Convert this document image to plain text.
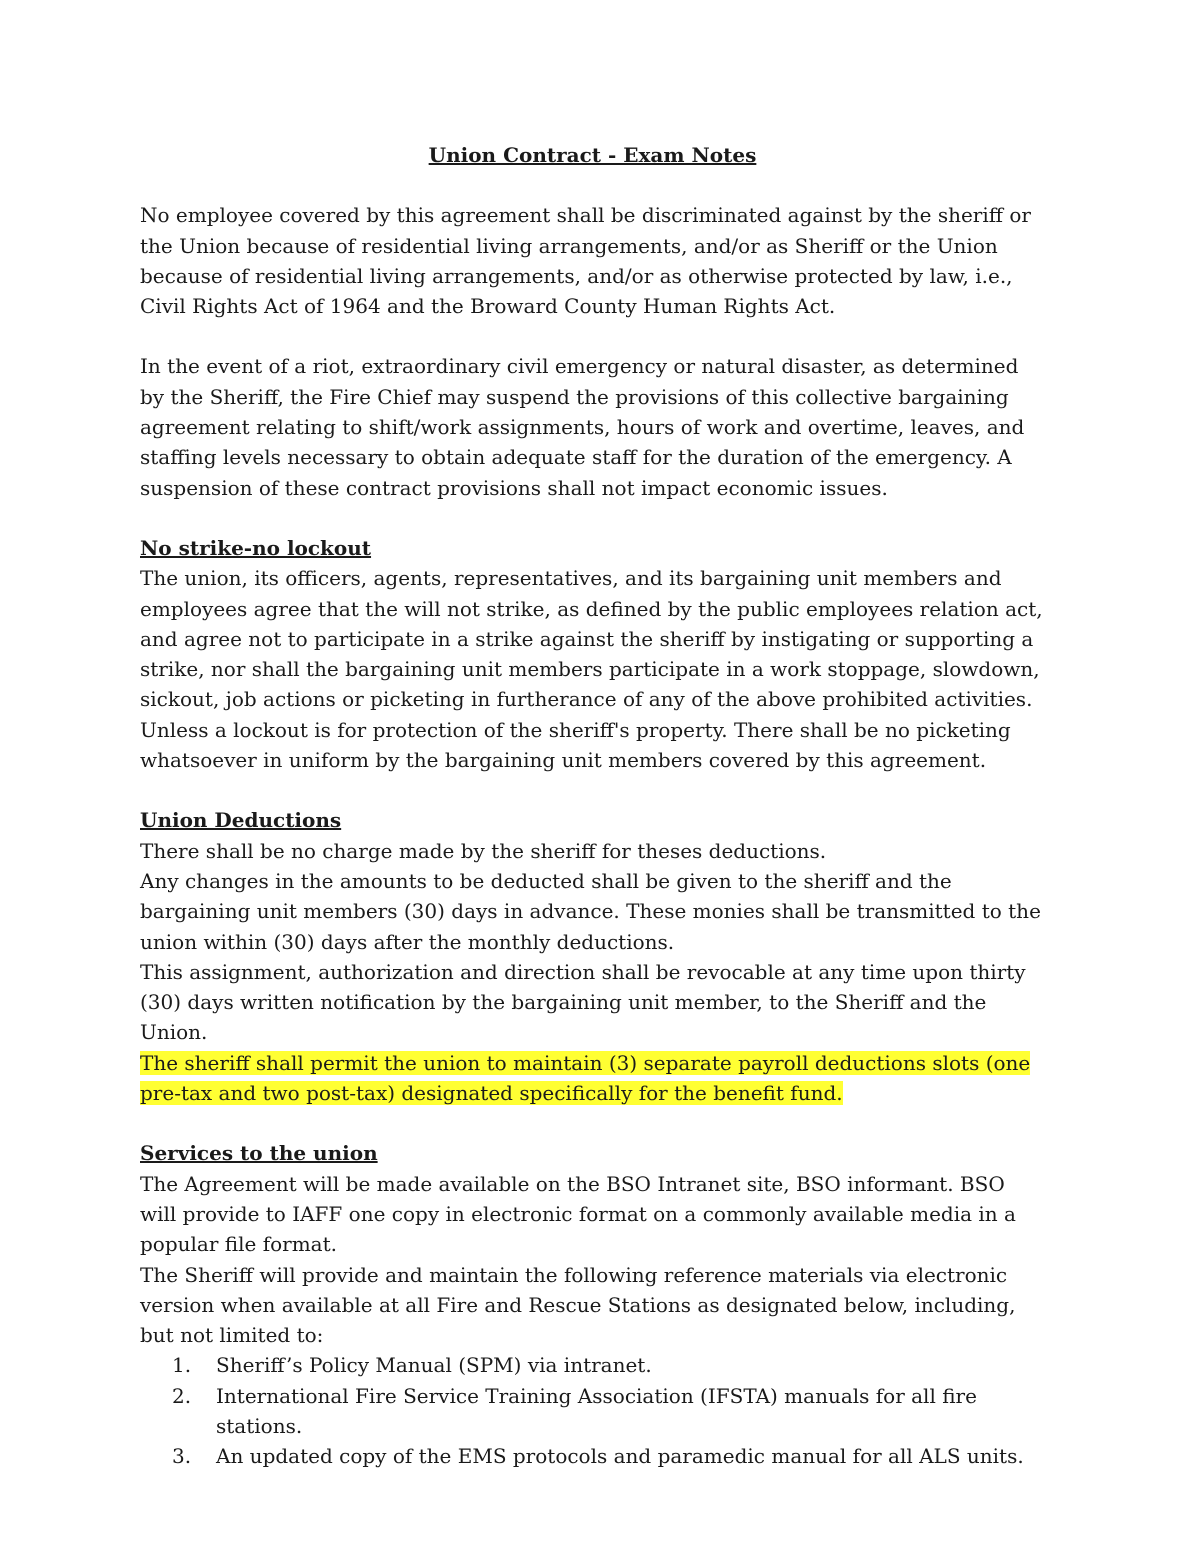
Union Contract - Exam Notes

No employee covered by this agreement shall be discriminated against by the sheriff or the Union because of residential living arrangements, and/or as Sheriff or the Union because of residential living arrangements, and/or as otherwise protected by law, i.e., Civil Rights Act of 1964 and the Broward County Human Rights Act.

In the event of a riot, extraordinary civil emergency or natural disaster, as determined by the Sheriff, the Fire Chief may suspend the provisions of this collective bargaining agreement relating to shift/work assignments, hours of work and overtime, leaves, and staffing levels necessary to obtain adequate staff for the duration of the emergency. A suspension of these contract provisions shall not impact economic issues.

No strike-no lockout

The union, its officers, agents, representatives, and its bargaining unit members and employees agree that the will not strike, as defined by the public employees relation act, and agree not to participate in a strike against the sheriff by instigating or supporting a strike, nor shall the bargaining unit members participate in a work stoppage, slowdown, sickout, job actions or picketing in furtherance of any of the above prohibited activities. Unless a lockout is for protection of the sheriff's property. There shall be no picketing whatsoever in uniform by the bargaining unit members covered by this agreement.

Union Deductions

There shall be no charge made by the sheriff for theses deductions.

Any changes in the amounts to be deducted shall be given to the sheriff and the bargaining unit members (30) days in advance. These monies shall be transmitted to the union within (30) days after the monthly deductions.

This assignment, authorization and direction shall be revocable at any time upon thirty

(30) days written notification by the bargaining unit member, to the Sheriff and the Union.

The sheriff shall permit the union to maintain (3) separate payroll deductions slots (one pre-tax and two post-tax) designated specifically for the benefit fund.

Services to the union

The Agreement will be made available on the BSO Intranet site, BSO informant. BSO will provide to IAFF one copy in electronic format on a commonly available media in a popular file format.

The Sheriff will provide and maintain the following reference materials via electronic version when available at all Fire and Rescue Stations as designated below, including, but not limited to:

1.	Sheriff’s Policy Manual (SPM) via intranet.
2.	International Fire Service Training Association (IFSTA) manuals for all fire stations.
3.	An updated copy of the EMS protocols and paramedic manual for all ALS units.
